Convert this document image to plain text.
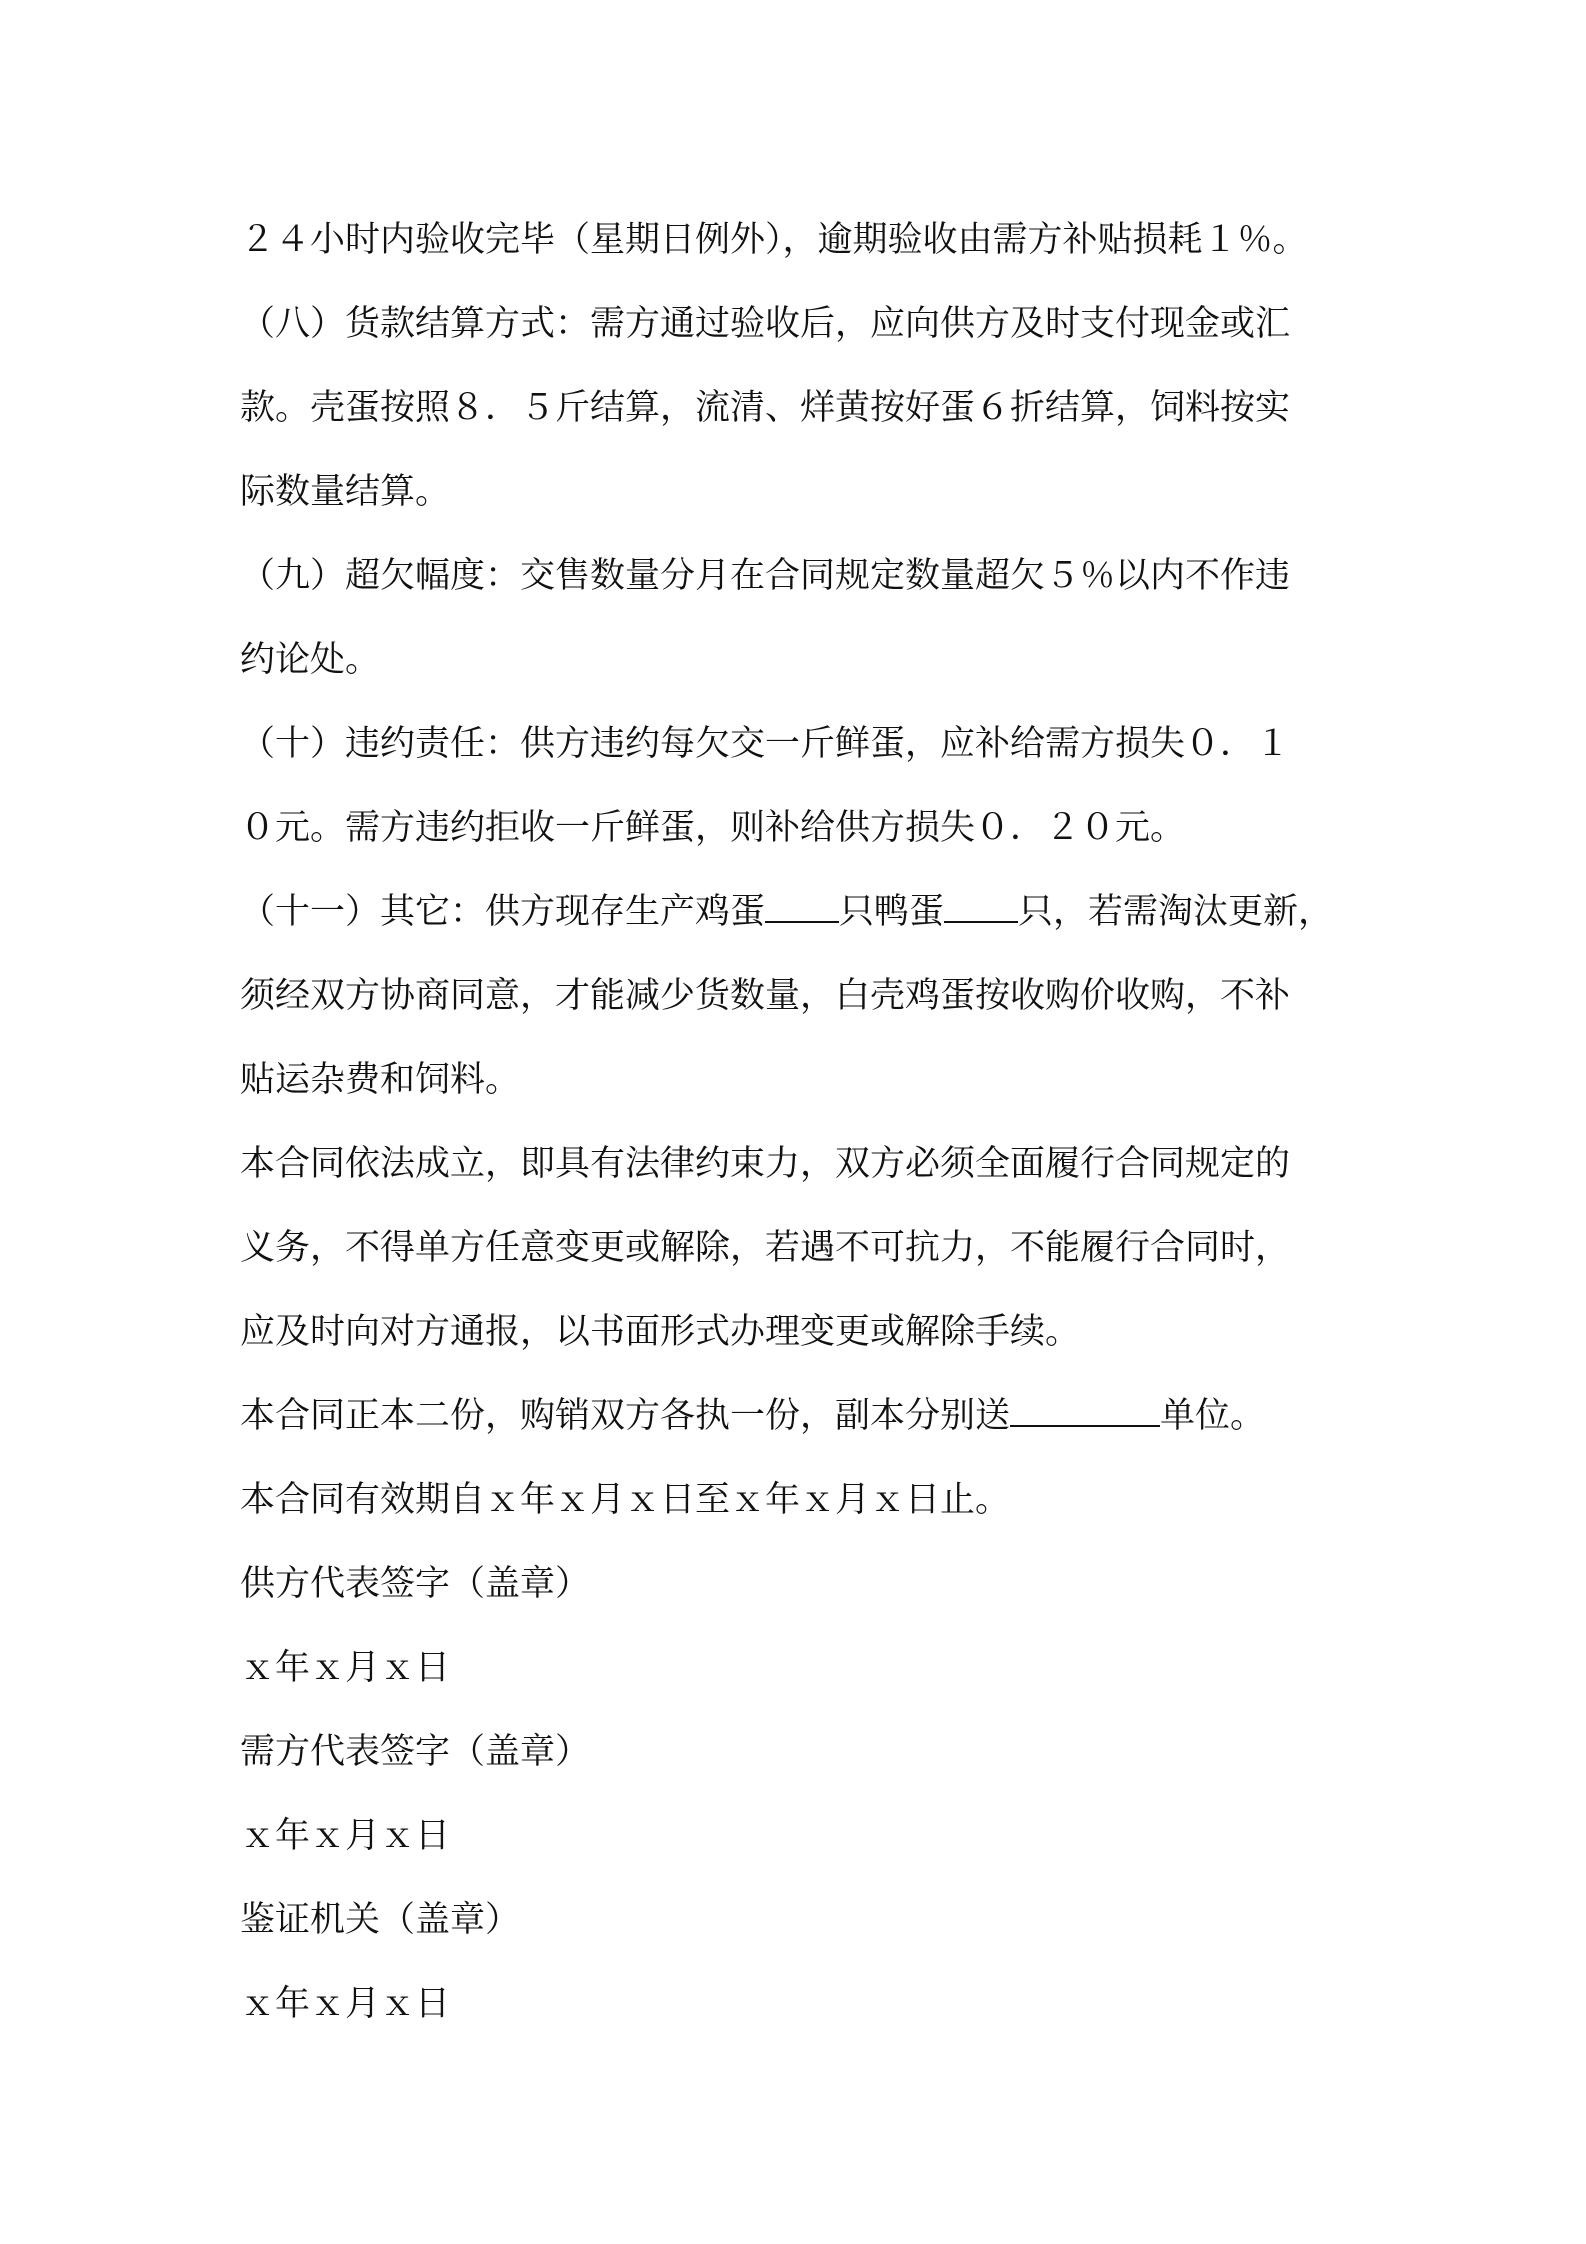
２４小时内验收完毕（星期日例外），逾期验收由需方补贴损耗１％。
（八）货款结算方式：需方通过验收后，应向供方及时支付现金或汇
款。壳蛋按照８．５斤结算，流清、烊黄按好蛋６折结算，饲料按实
际数量结算。
（九）超欠幅度：交售数量分月在合同规定数量超欠５％以内不作违
约论处。
（十）违约责任：供方违约每欠交一斤鲜蛋，应补给需方损失０．１
０元。需方违约拒收一斤鲜蛋，则补给供方损失０．２０元。
（十一）其它：供方现存生产鸡蛋 只鸭蛋 只，若需淘汰更新，
须经双方协商同意，才能减少货数量，白壳鸡蛋按收购价收购，不补
贴运杂费和饲料。
本合同依法成立，即具有法律约束力，双方必须全面履行合同规定的
义务，不得单方任意变更或解除，若遇不可抗力，不能履行合同时，
应及时向对方通报，以书面形式办理变更或解除手续。
本合同正本二份，购销双方各执一份，副本分别送	单位。
本合同有效期自ｘ年ｘ月ｘ日至ｘ年ｘ月ｘ日止。
供方代表签字（盖章）
ｘ年ｘ月ｘ日
需方代表签字（盖章）
ｘ年ｘ月ｘ日
鉴证机关（盖章）
ｘ年ｘ月ｘ日
